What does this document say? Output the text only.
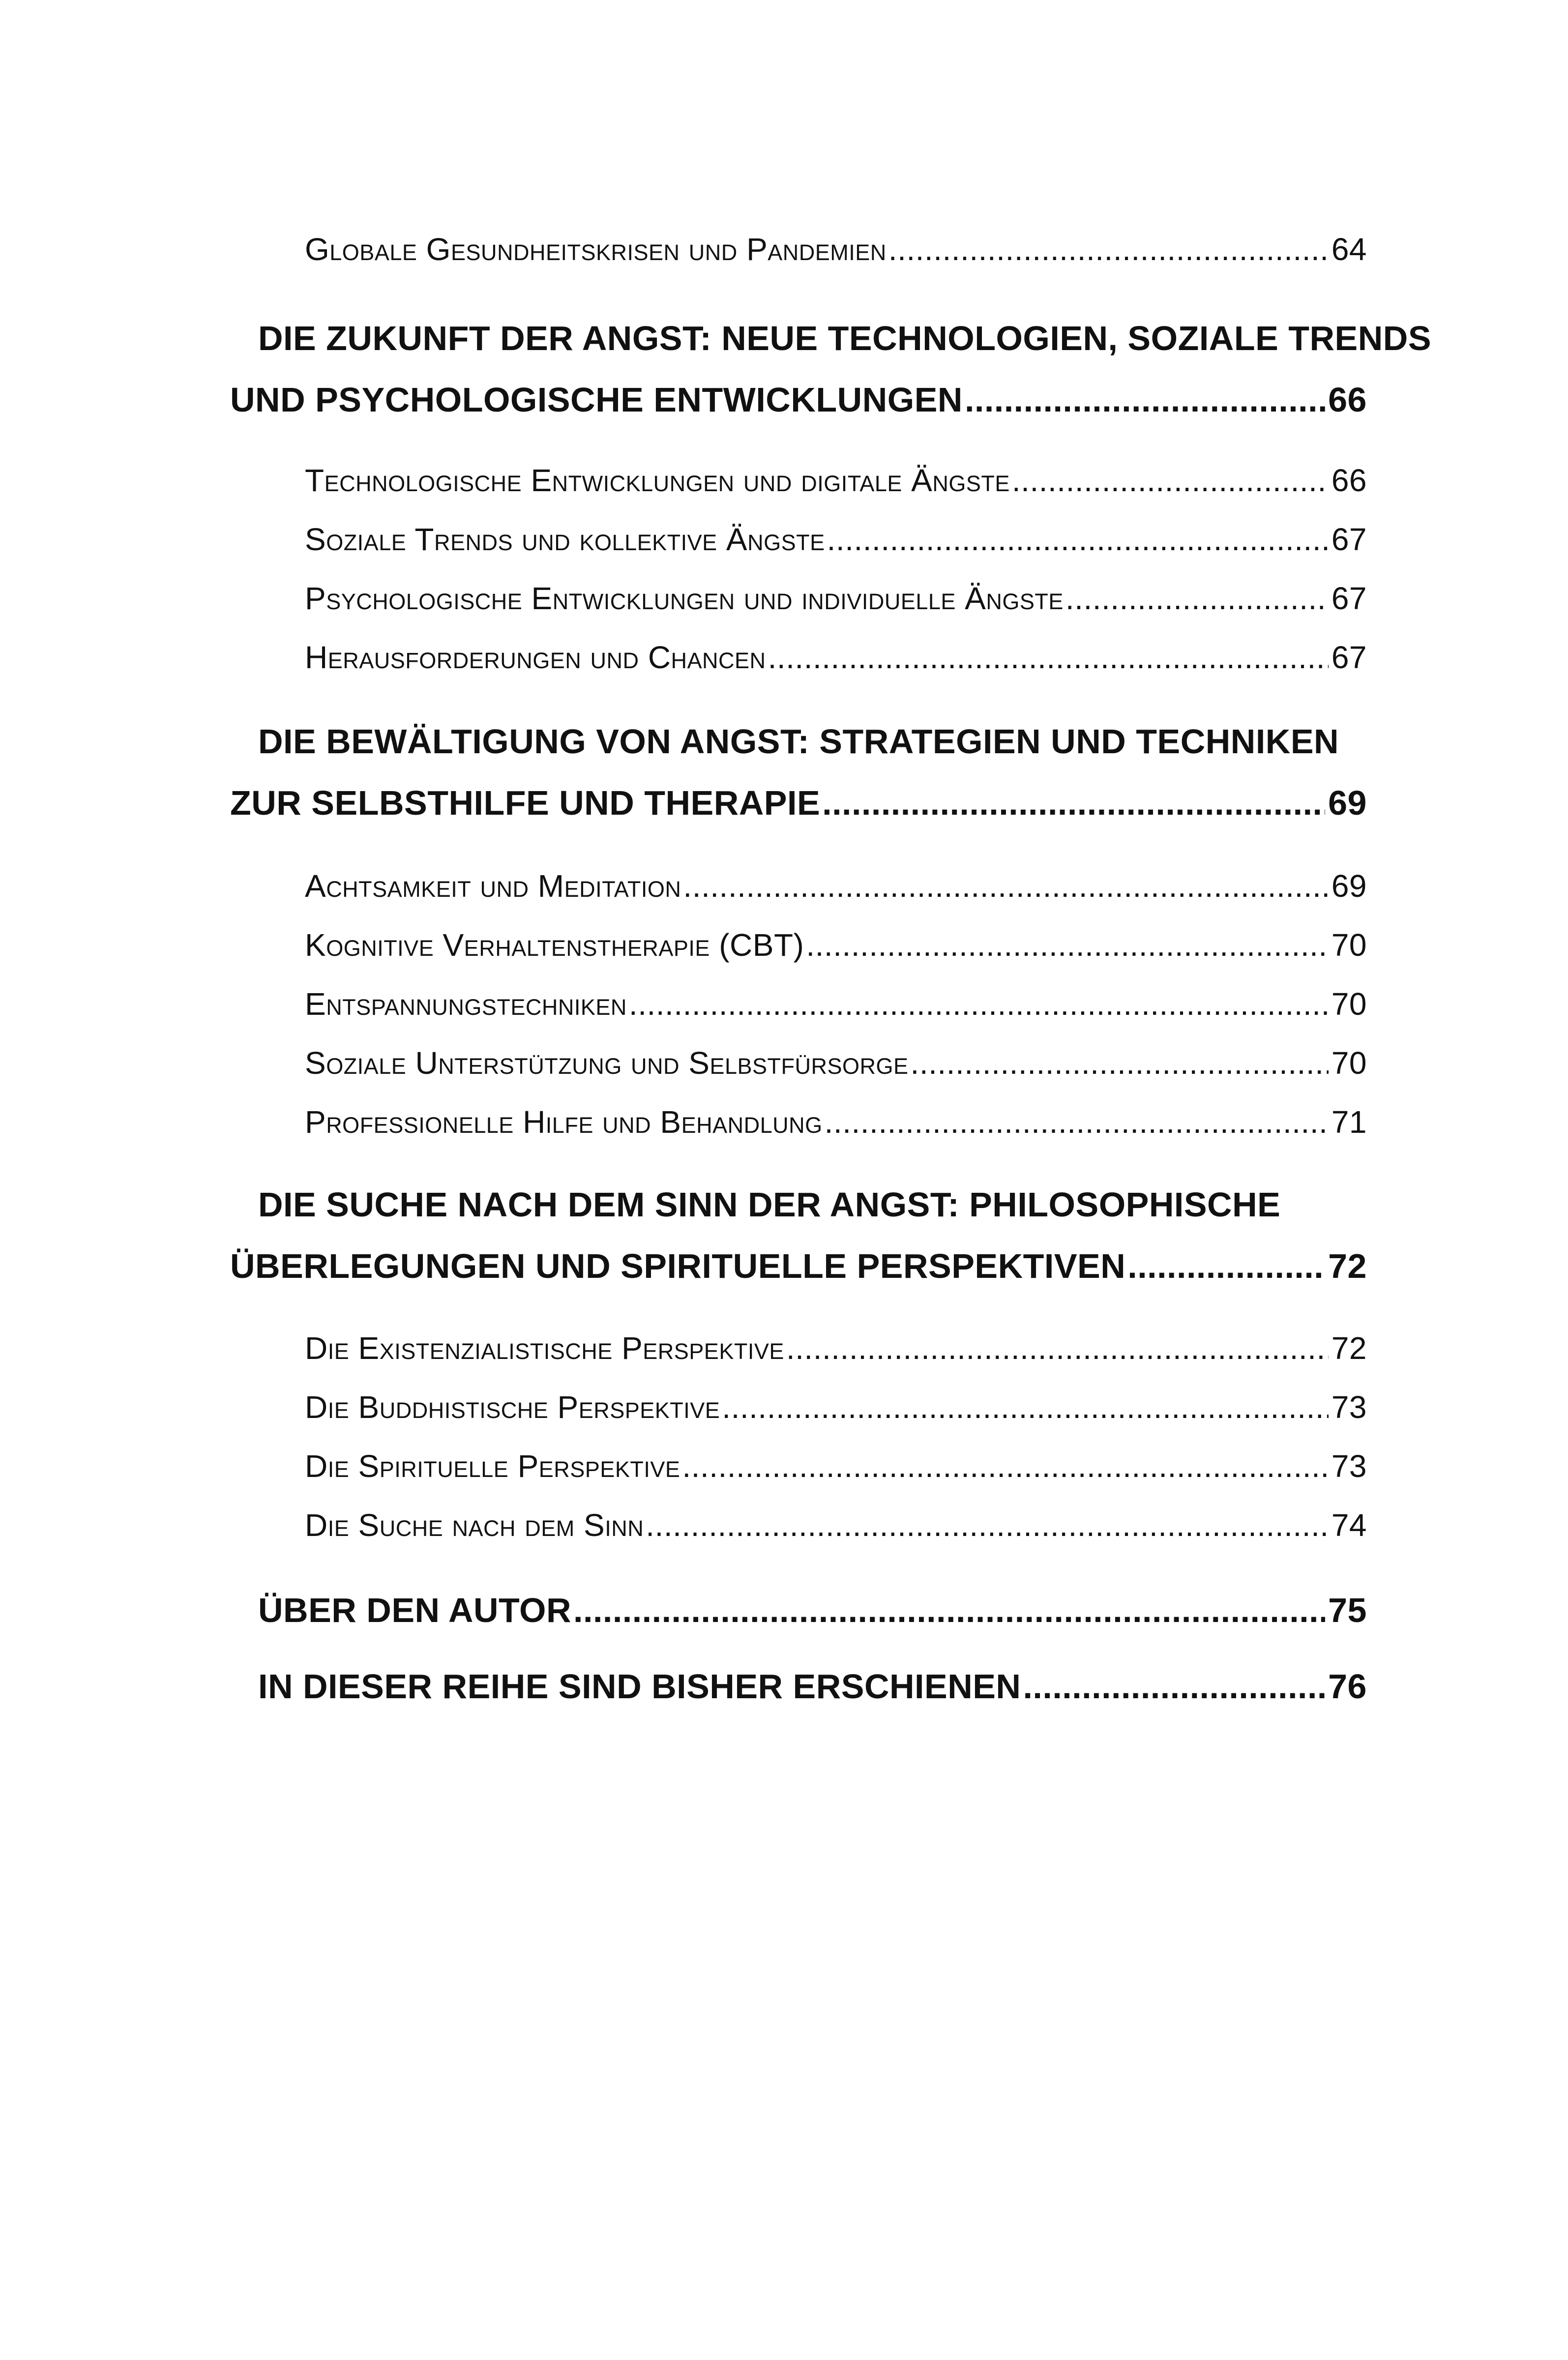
Globale Gesundheitskrisen und Pandemien .....	64
DIE ZUKUNFT DER ANGST: NEUE TECHNOLOGIEN, SOZIALE TRENDS
UND PSYCHOLOGISCHE ENTWICKLUNGEN .....	66
Technologische Entwicklungen und digitale Ängste .....	66
Soziale Trends und kollektive Ängste .....	67
Psychologische Entwicklungen und individuelle Ängste .....	67
Herausforderungen und Chancen .....	67
DIE BEWÄLTIGUNG VON ANGST: STRATEGIEN UND TECHNIKEN
ZUR SELBSTHILFE UND THERAPIE .....	69
Achtsamkeit und Meditation .....	69
Kognitive Verhaltenstherapie (CBT) .....	70
Entspannungstechniken .....	70
Soziale Unterstützung und Selbstfürsorge .....	70
Professionelle Hilfe und Behandlung .....	71
DIE SUCHE NACH DEM SINN DER ANGST: PHILOSOPHISCHE
ÜBERLEGUNGEN UND SPIRITUELLE PERSPEKTIVEN .....	72
Die Existenzialistische Perspektive .....	72
Die Buddhistische Perspektive .....	73
Die Spirituelle Perspektive .....	73
Die Suche nach dem Sinn .....	74
ÜBER DEN AUTOR .....	75
IN DIESER REIHE SIND BISHER ERSCHIENEN .....	76
